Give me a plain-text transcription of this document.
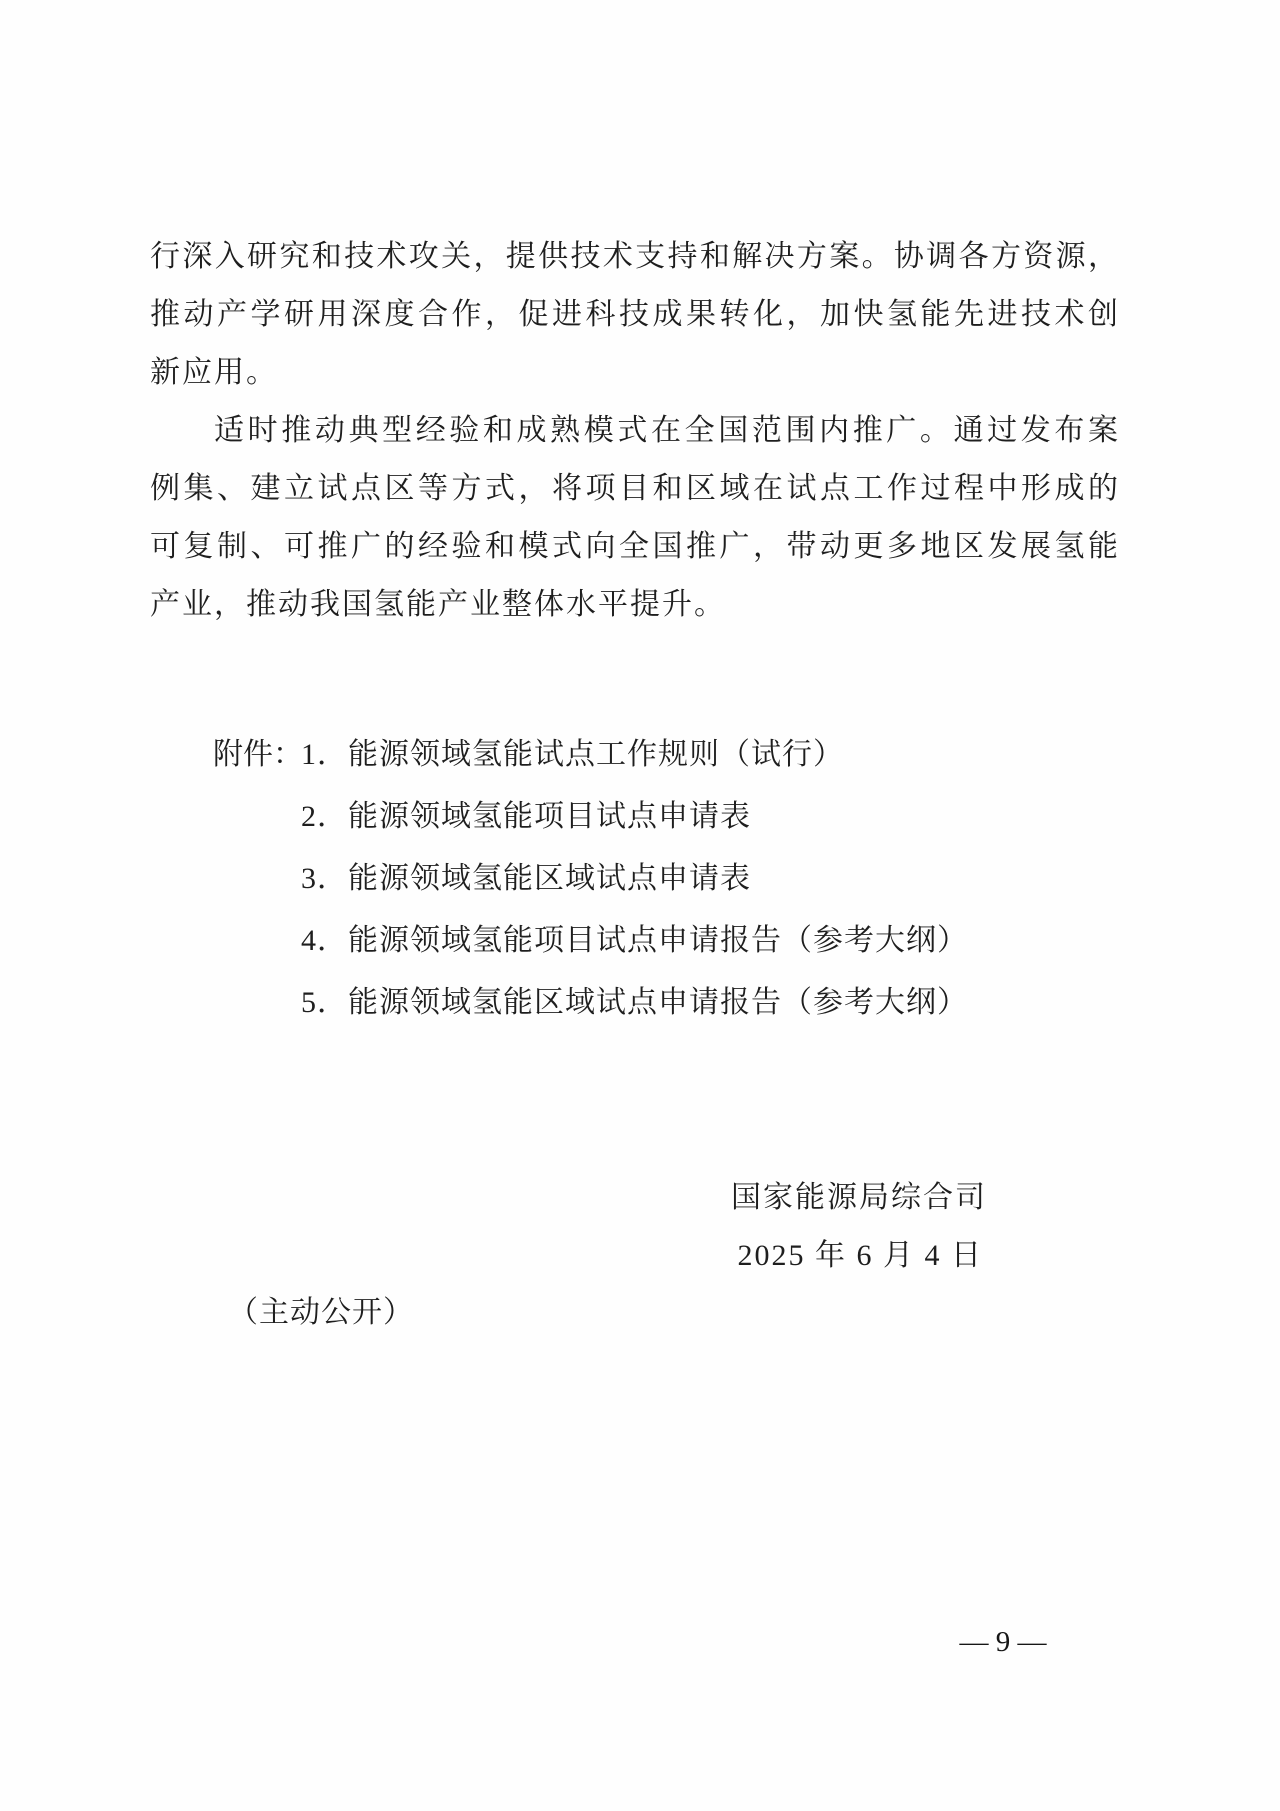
行深入研究和技术攻关，提供技术支持和解决方案。协调各方资源，
推动产学研用深度合作，促进科技成果转化，加快氢能先进技术创
新应用。
适时推动典型经验和成熟模式在全国范围内推广。通过发布案
例集、建立试点区等方式，将项目和区域在试点工作过程中形成的
可复制、可推广的经验和模式向全国推广，带动更多地区发展氢能
产业，推动我国氢能产业整体水平提升。
附件：
1．能源领域氢能试点工作规则（试行）
2．能源领域氢能项目试点申请表
3．能源领域氢能区域试点申请表
4．能源领域氢能项目试点申请报告（参考大纲）
5．能源领域氢能区域试点申请报告（参考大纲）
国家能源局综合司
2025 年 6 月 4 日
（主动公开）
— 9 —
